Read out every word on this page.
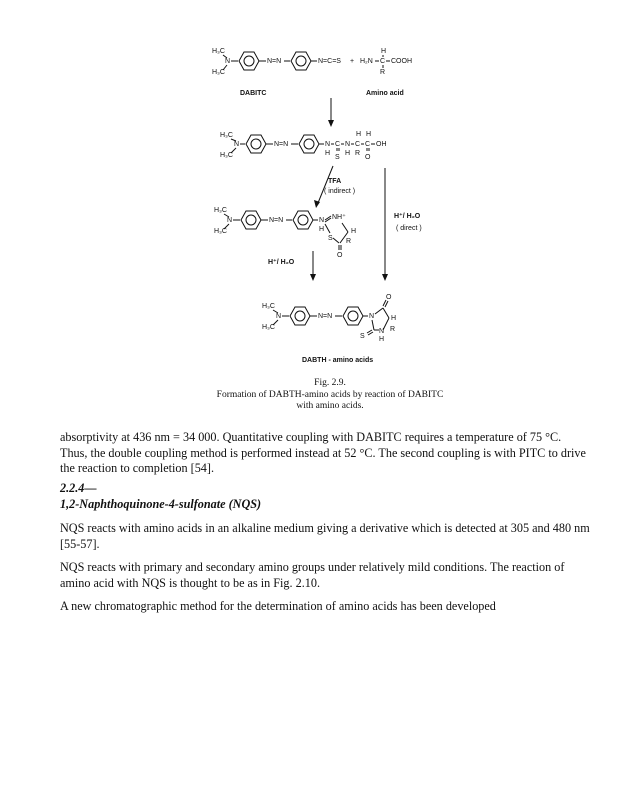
H₃C
N
H₃C
N=N	N=C=S + H₂N
H
C
R
COOH
DABITC	Amino acid
H₃C
N
H₃C
N=N	N
H
C
S
N
H
H
C
R
H
C
O
OH
TFA
( indirect )
H⁺/ H₂O
( direct )
H₃C
N
H₃C
N=N	N
H
NH⁺
S
H
R
O
H⁺/ H₂O
H₃C
N
H₃C
N=N	N
O
H
R
N
H
S
DABTH - amino acids
Fig. 2.9.
Formation of DABTH-amino acids by reaction of DABITC
with amino acids.

absorptivity at 436 nm = 34 000. Quantitative coupling with DABITC requires a temperature of 75 °C. Thus, the double coupling method is performed instead at 52 °C. The second coupling is with PITC to drive the reaction to completion [54].

2.2.4—
1,2-Naphthoquinone-4-sulfonate (NQS)

NQS reacts with amino acids in an alkaline medium giving a derivative which is detected at 305 and 480 nm [55-57].

NQS reacts with primary and secondary amino groups under relatively mild conditions. The reaction of amino acid with NQS is thought to be as in Fig. 2.10.

A new chromatographic method for the determination of amino acids has been developed
